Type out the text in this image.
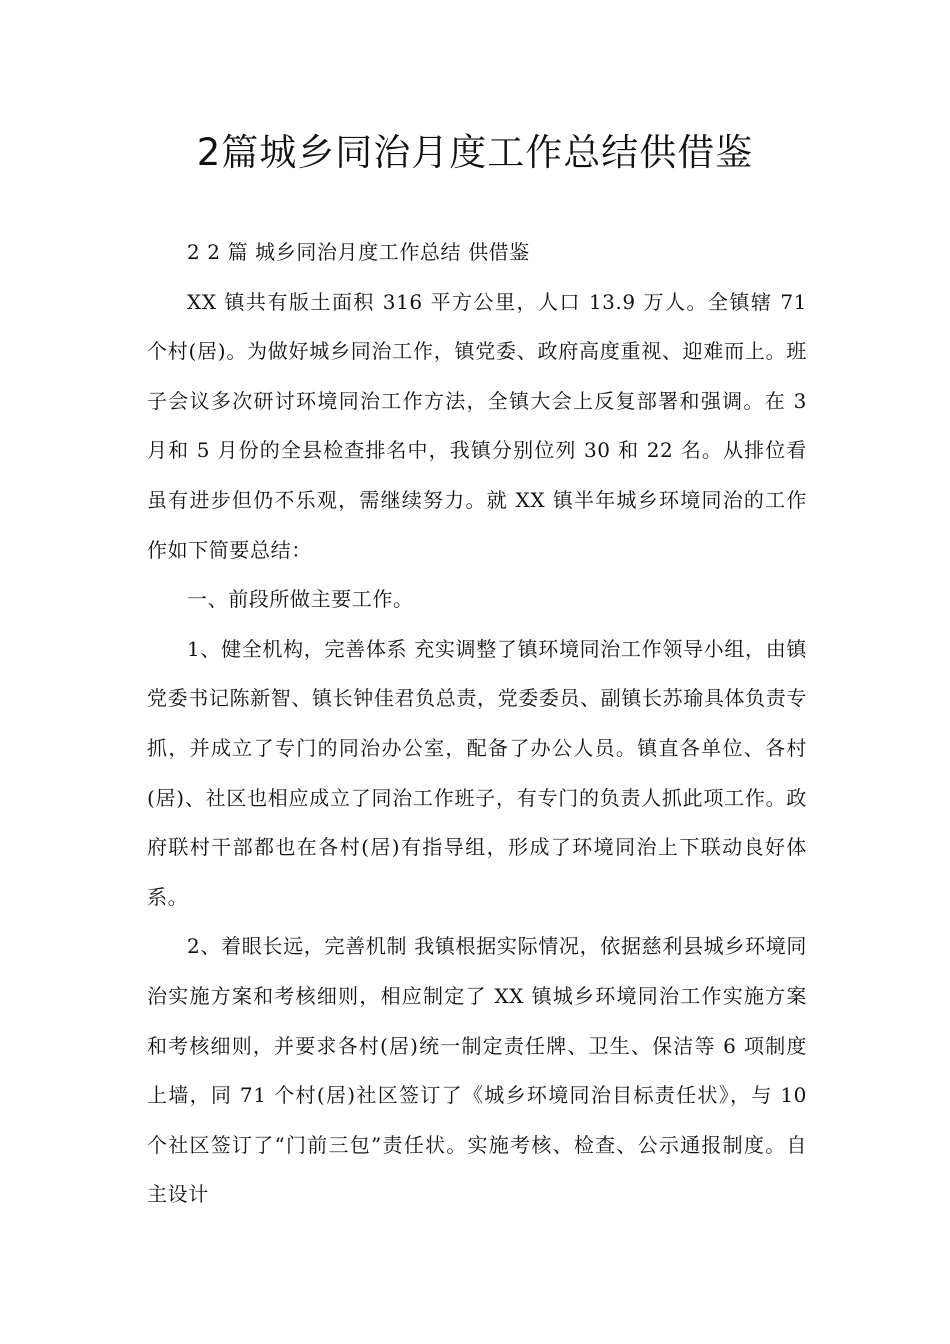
2篇城乡同治月度工作总结供借鉴

2 2 篇 城乡同治月度工作总结 供借鉴

XX 镇共有版土面积 316 平方公里，人口 13.9 万人。全镇辖 71 个村(居)。为做好城乡同治工作，镇党委、政府高度重视、迎难而上。班子会议多次研讨环境同治工作方法，全镇大会上反复部署和强调。在 3 月和 5 月份的全县检查排名中，我镇分别位列 30 和 22 名。从排位看虽有进步但仍不乐观，需继续努力。就 XX 镇半年城乡环境同治的工作作如下简要总结：

一、前段所做主要工作。

1、健全机构，完善体系 充实调整了镇环境同治工作领导小组，由镇党委书记陈新智、镇长钟佳君负总责，党委委员、副镇长苏瑜具体负责专抓，并成立了专门的同治办公室，配备了办公人员。镇直各单位、各村(居)、社区也相应成立了同治工作班子，有专门的负责人抓此项工作。政府联村干部都也在各村(居)有指导组，形成了环境同治上下联动良好体系。

2、着眼长远，完善机制 我镇根据实际情况，依据慈利县城乡环境同治实施方案和考核细则，相应制定了 XX 镇城乡环境同治工作实施方案和考核细则，并要求各村(居)统一制定责任牌、卫生、保洁等 6 项制度上墙，同 71 个村(居)社区签订了《城乡环境同治目标责任状》，与 10 个社区签订了“门前三包”责任状。实施考核、检查、公示通报制度。自主设计
